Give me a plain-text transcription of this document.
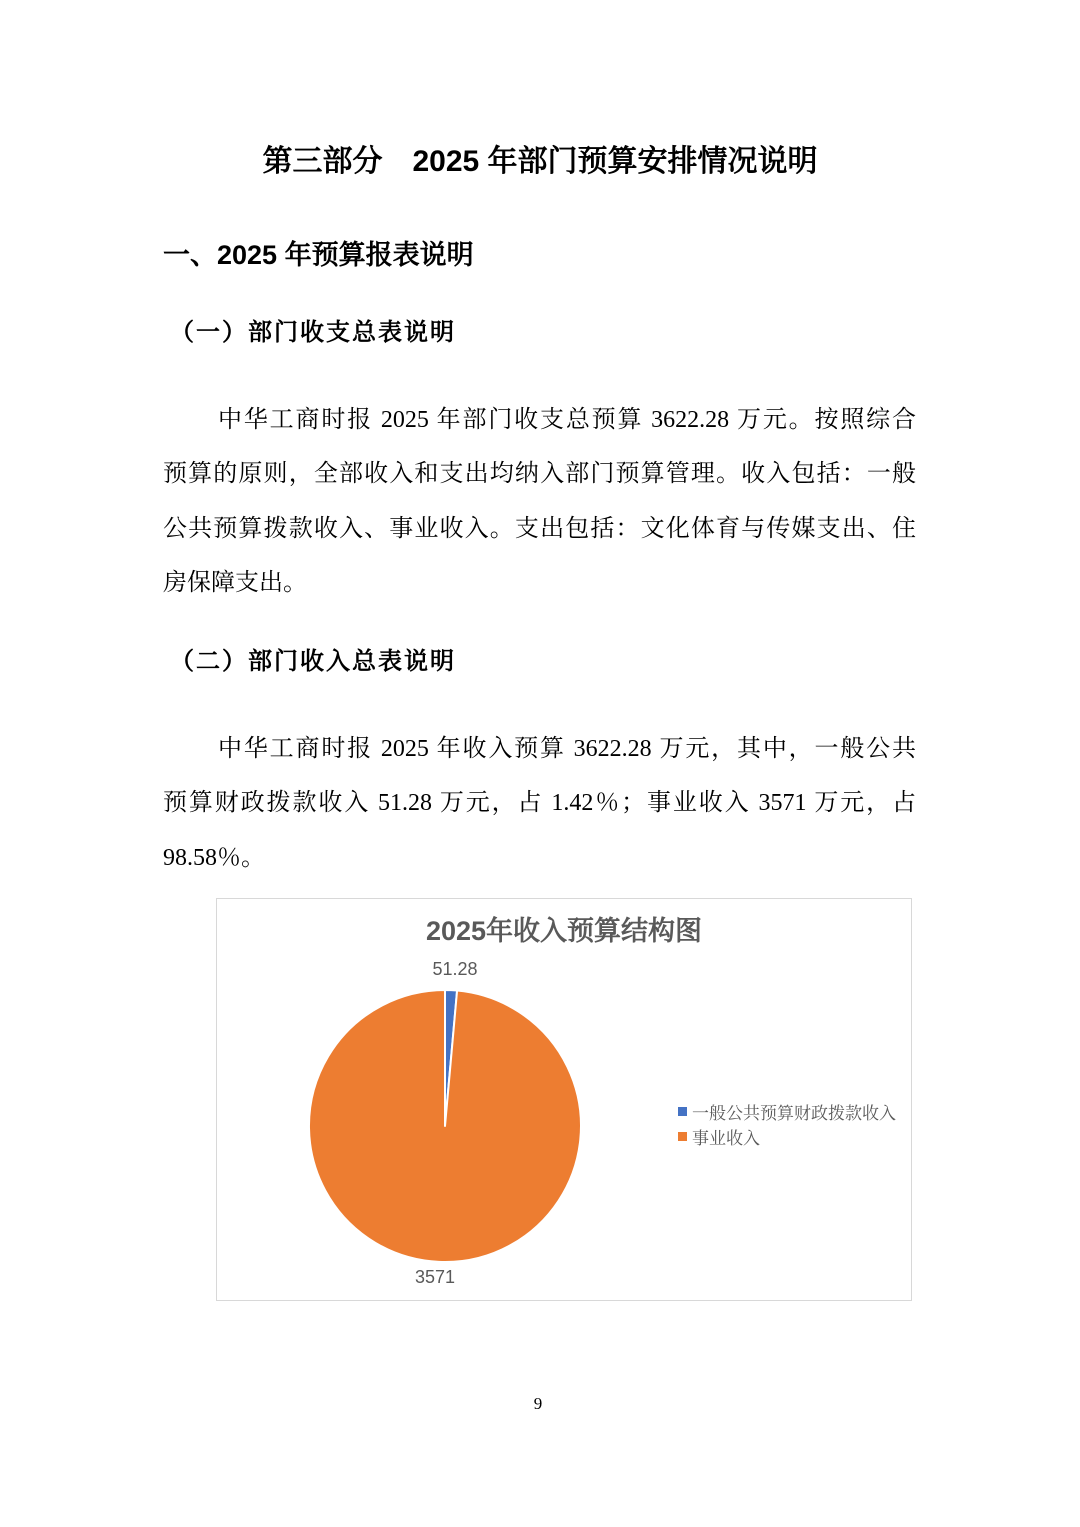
第三部分　2025 年部门预算安排情况说明
一、2025 年预算报表说明
（一）部门收支总表说明
中华工商时报 2025 年部门收支总预算 3622.28 万元。按照综合
预算的原则，全部收入和支出均纳入部门预算管理。收入包括：一般
公共预算拨款收入、事业收入。支出包括：文化体育与传媒支出、住
房保障支出。
（二）部门收入总表说明
中华工商时报 2025 年收入预算 3622.28 万元，其中，一般公共
预算财政拨款收入 51.28 万元，占 1.42％；事业收入 3571 万元，占
98.58％。
2025年收入预算结构图
51.28
3571
一般公共预算财政拨款收入
事业收入
9
